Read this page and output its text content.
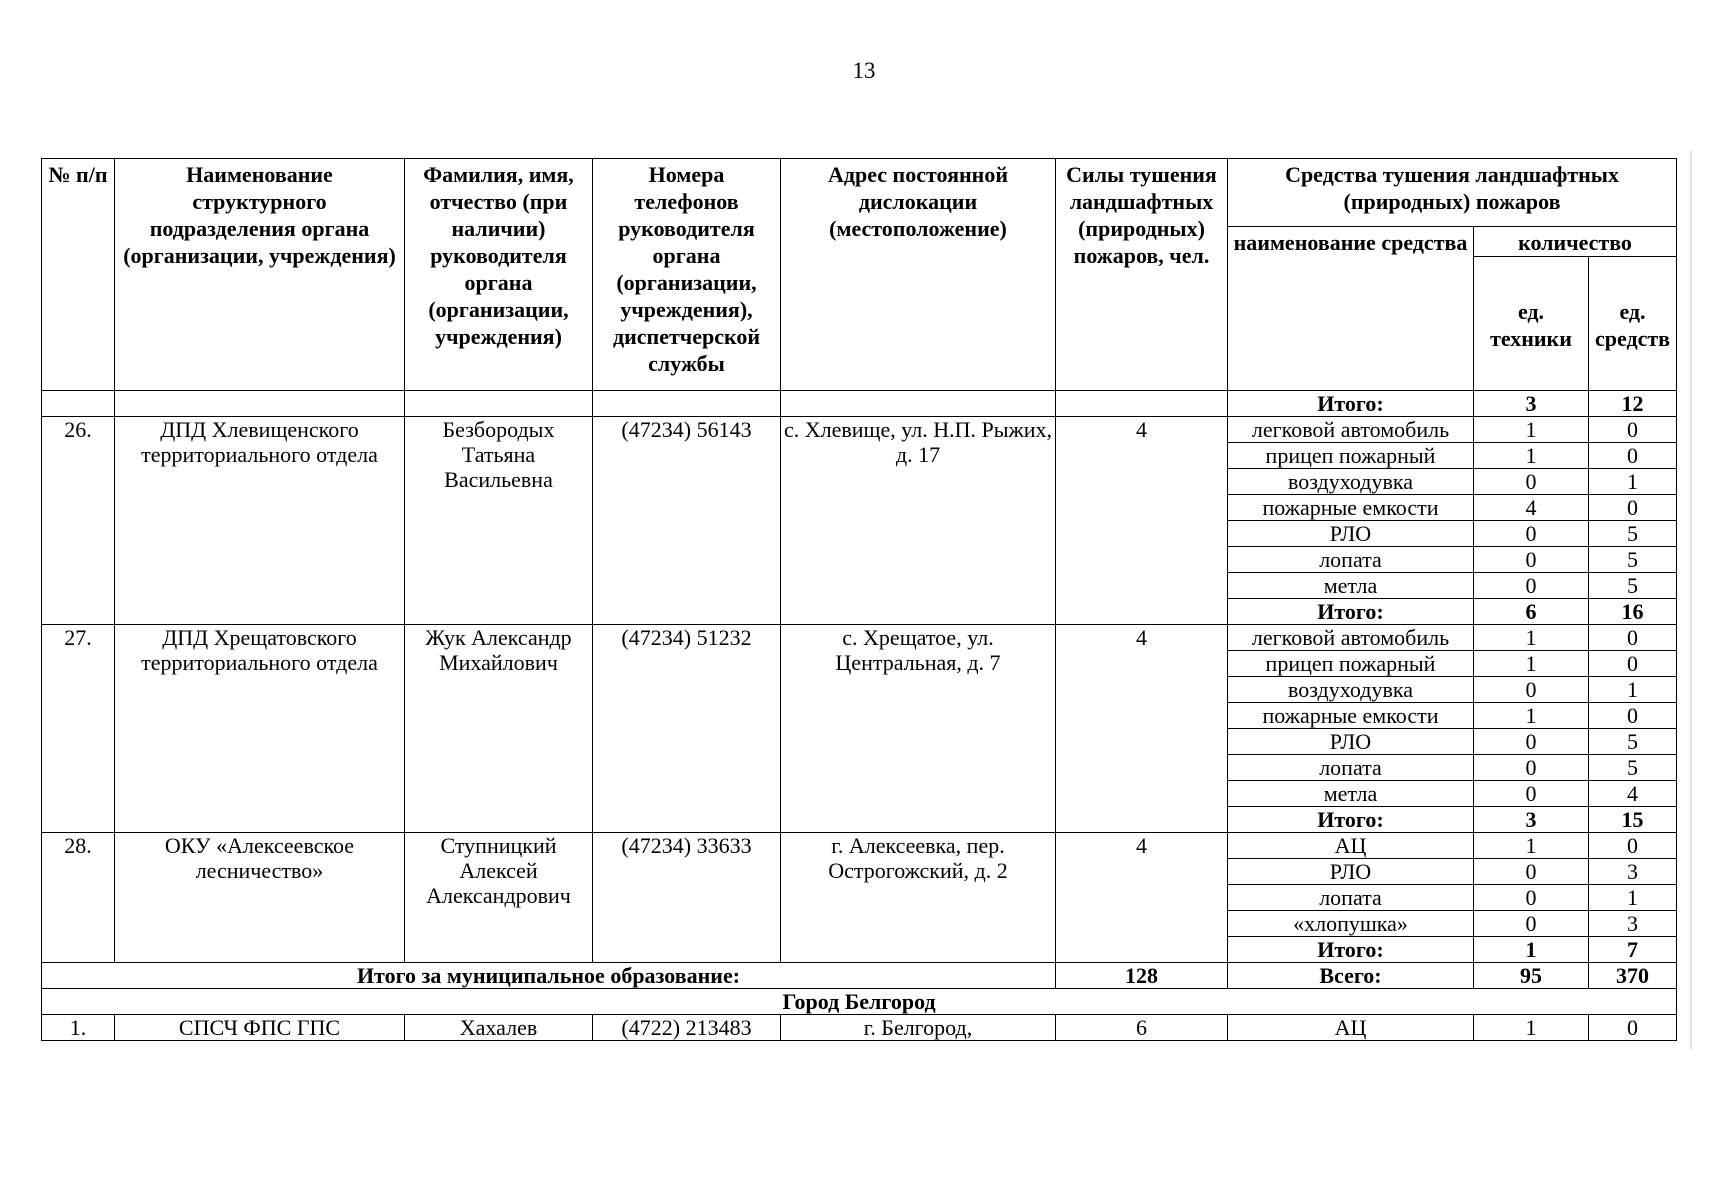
13
№ п/п	Наименование структурного подразделения органа (организации, учреждения)	Фамилия, имя, отчество (при наличии) руководителя органа (организации, учреждения)	Номера телефонов руководителя органа (организации, учреждения), диспетчерской службы	Адрес постоянной дислокации (местоположение)	Силы тушения ландшафтных (природных) пожаров, чел.	Средства тушения ландшафтных (природных) пожаров		
						наименование средства	количество	
							ед. техники	ед. средств
						Итого:	3	12
26.	ДПД Хлевищенского территориального отдела	Безбородых Татьяна Васильевна	(47234) 56143	с. Хлевище, ул. Н.П. Рыжих, д. 17	4	легковой автомобиль	1	0
						прицеп пожарный	1	0
						воздуходувка	0	1
						пожарные емкости	4	0
						РЛО	0	5
						лопата	0	5
						метла	0	5
						Итого:	6	16
27.	ДПД Хрещатовского территориального отдела	Жук Александр Михайлович	(47234) 51232	с. Хрещатое, ул. Центральная, д. 7	4	легковой автомобиль	1	0
						прицеп пожарный	1	0
						воздуходувка	0	1
						пожарные емкости	1	0
						РЛО	0	5
						лопата	0	5
						метла	0	4
						Итого:	3	15
28.	ОКУ «Алексеевское лесничество»	Ступницкий Алексей Александрович	(47234) 33633	г. Алексеевка, пер. Острогожский, д. 2	4	АЦ	1	0
						РЛО	0	3
						лопата	0	1
						«хлопушка»	0	3
						Итого:	1	7
Итого за муниципальное образование:					128	Всего:	95	370
Город Белгород								
1.	СПСЧ ФПС ГПС	Хахалев	(4722) 213483	г. Белгород,	6	АЦ	1	0
